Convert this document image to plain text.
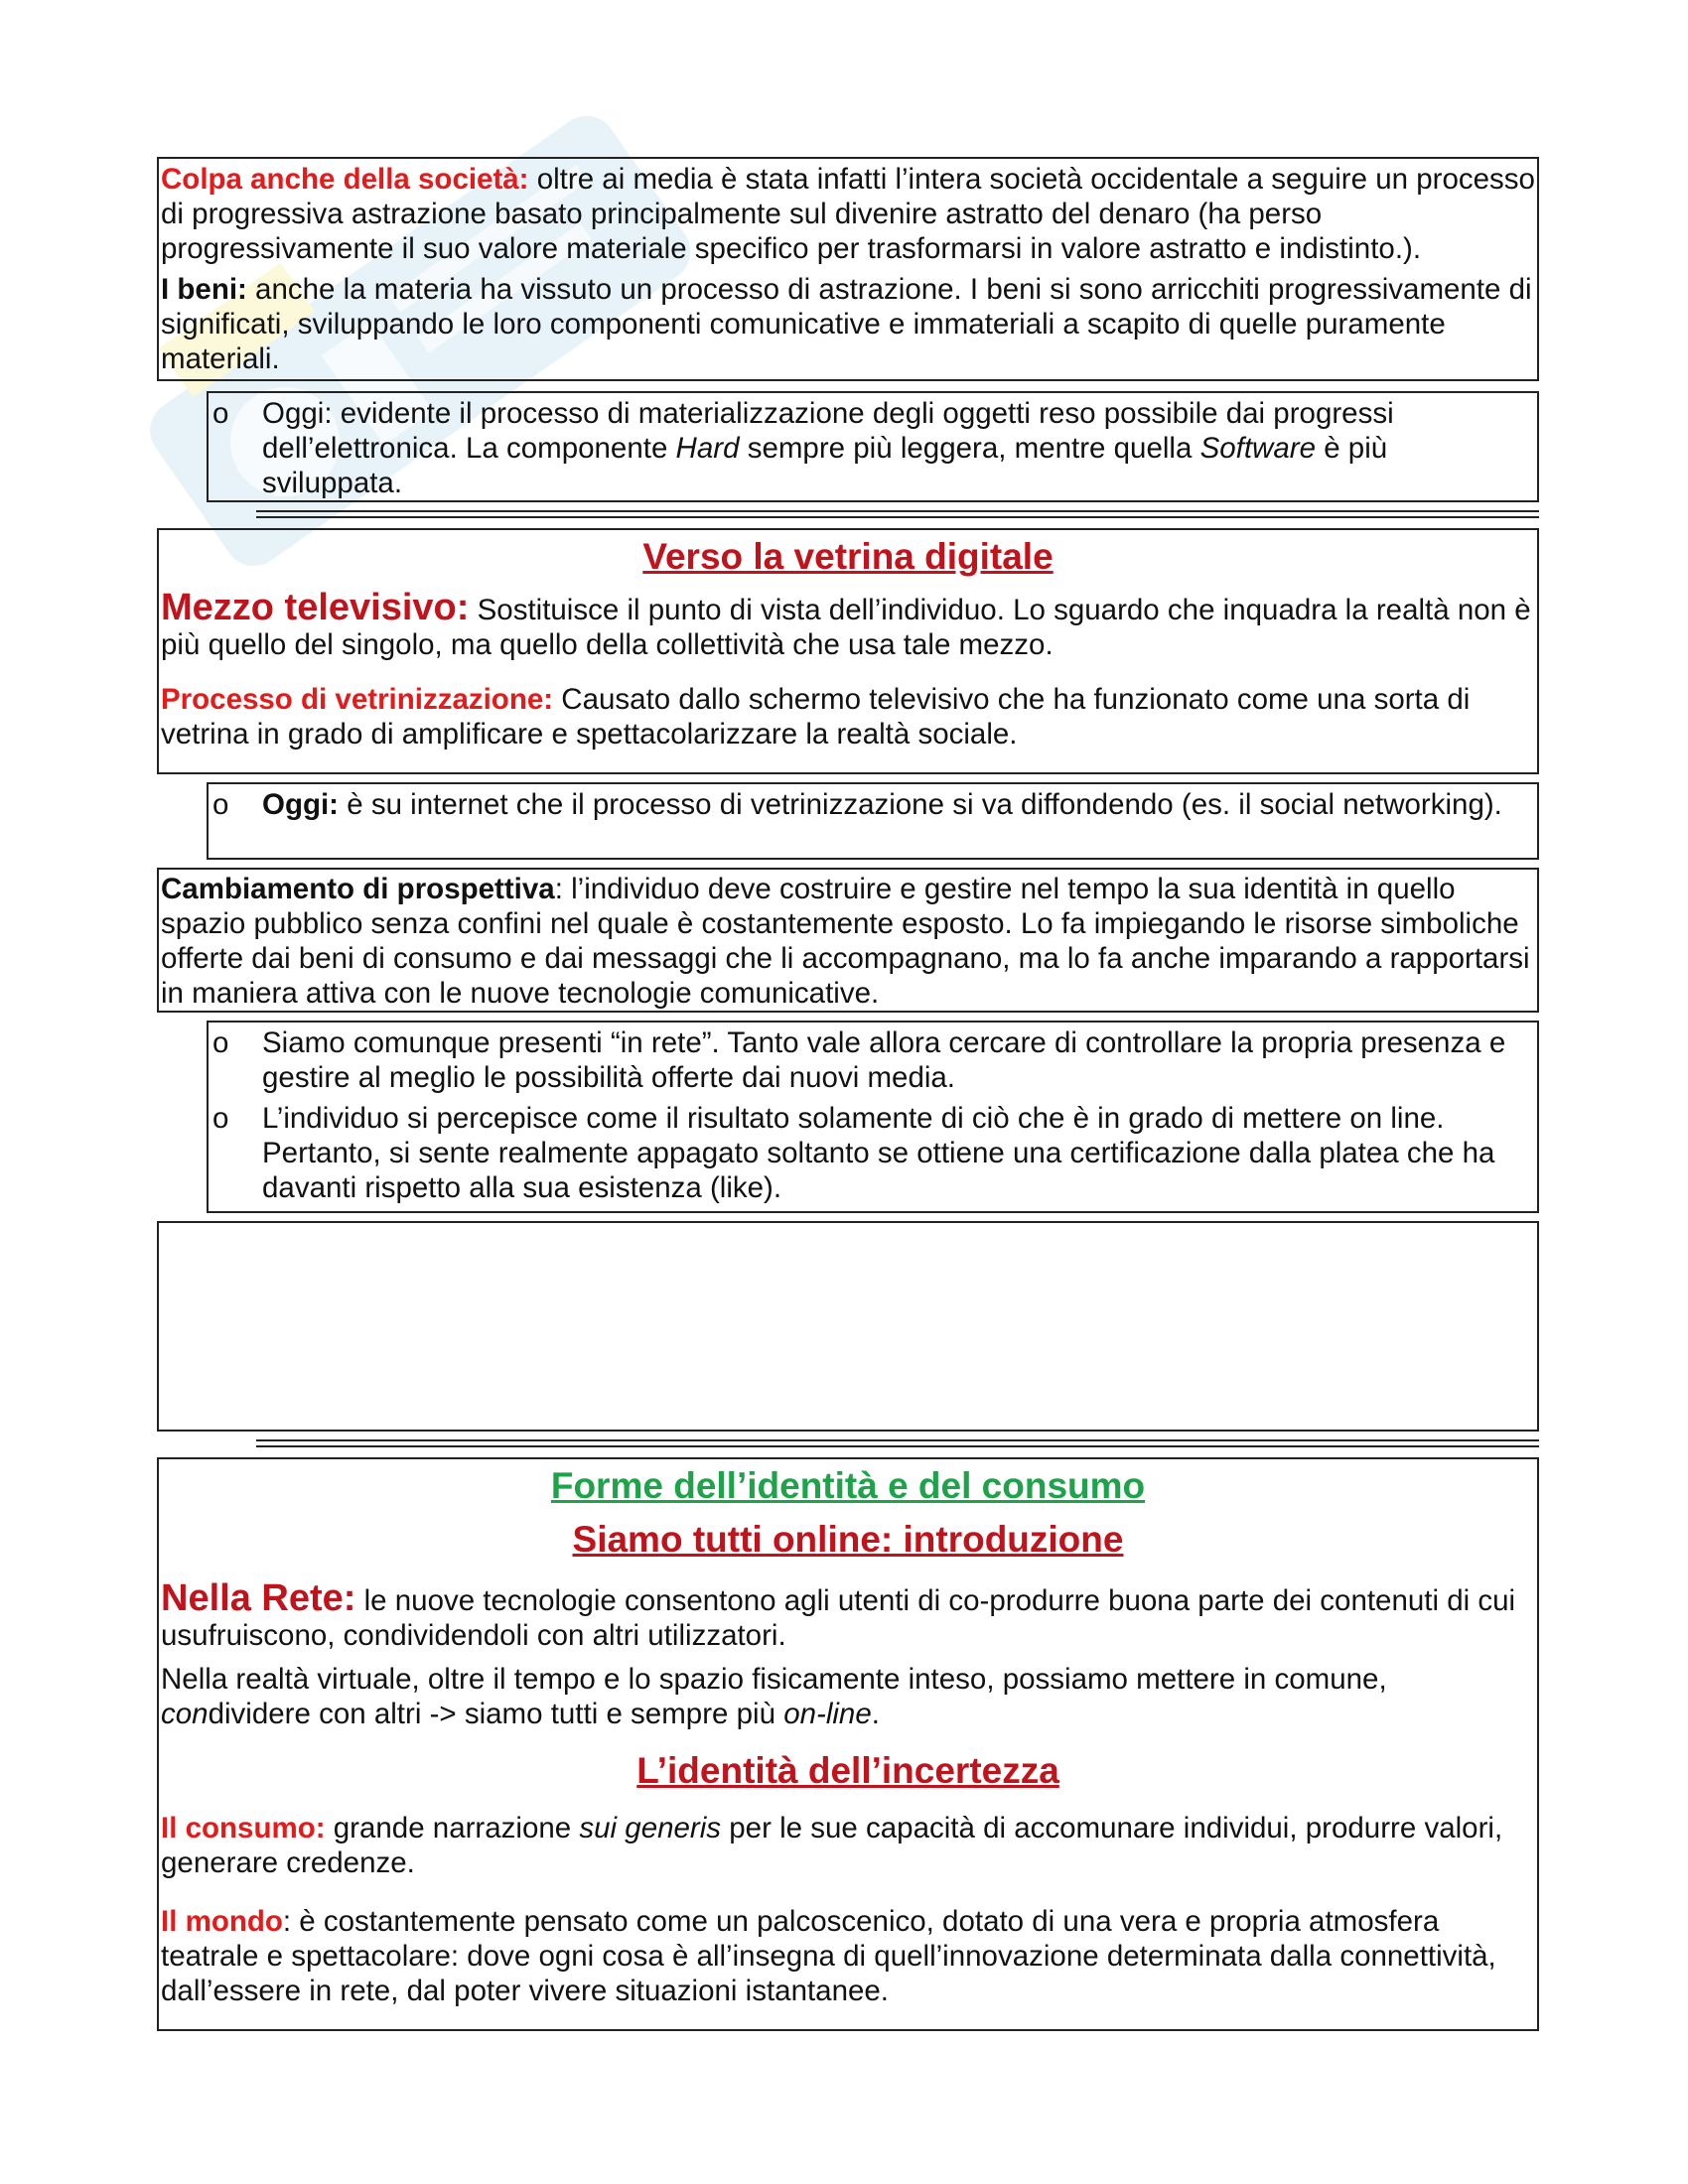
Colpa anche della società: oltre ai media è stata infatti l’intera società occidentale a seguire un processo di progressiva astrazione basato principalmente sul divenire astratto del denaro (ha perso progressivamente il suo valore materiale specifico per trasformarsi in valore astratto e indistinto.).

I beni: anche la materia ha vissuto un processo di astrazione. I beni si sono arricchiti progressivamente di significati, sviluppando le loro componenti comunicative e immateriali a scapito di quelle puramente materiali.

o Oggi: evidente il processo di materializzazione degli oggetti reso possibile dai progressi dell’elettronica. La componente Hard sempre più leggera, mentre quella Software è più sviluppata.

Verso la vetrina digitale

Mezzo televisivo: Sostituisce il punto di vista dell’individuo. Lo sguardo che inquadra la realtà non è più quello del singolo, ma quello della collettività che usa tale mezzo.

Processo di vetrinizzazione: Causato dallo schermo televisivo che ha funzionato come una sorta di vetrina in grado di amplificare e spettacolarizzare la realtà sociale.

o Oggi: è su internet che il processo di vetrinizzazione si va diffondendo (es. il social networking).

Cambiamento di prospettiva: l’individuo deve costruire e gestire nel tempo la sua identità in quello spazio pubblico senza confini nel quale è costantemente esposto. Lo fa impiegando le risorse simboliche offerte dai beni di consumo e dai messaggi che li accompagnano, ma lo fa anche imparando a rapportarsi in maniera attiva con le nuove tecnologie comunicative.

o Siamo comunque presenti “in rete”. Tanto vale allora cercare di controllare la propria presenza e gestire al meglio le possibilità offerte dai nuovi media.

o L’individuo si percepisce come il risultato solamente di ciò che è in grado di mettere on line. Pertanto, si sente realmente appagato soltanto se ottiene una certificazione dalla platea che ha davanti rispetto alla sua esistenza (like).

Forme dell’identità e del consumo

Siamo tutti online: introduzione

Nella Rete: le nuove tecnologie consentono agli utenti di co-produrre buona parte dei contenuti di cui usufruiscono, condividendoli con altri utilizzatori.

Nella realtà virtuale, oltre il tempo e lo spazio fisicamente inteso, possiamo mettere in comune, condividere con altri -> siamo tutti e sempre più on-line.

L’identità dell’incertezza

Il consumo: grande narrazione sui generis per le sue capacità di accomunare individui, produrre valori, generare credenze.

Il mondo: è costantemente pensato come un palcoscenico, dotato di una vera e propria atmosfera teatrale e spettacolare: dove ogni cosa è all’insegna di quell’innovazione determinata dalla connettività, dall’essere in rete, dal poter vivere situazioni istantanee.
